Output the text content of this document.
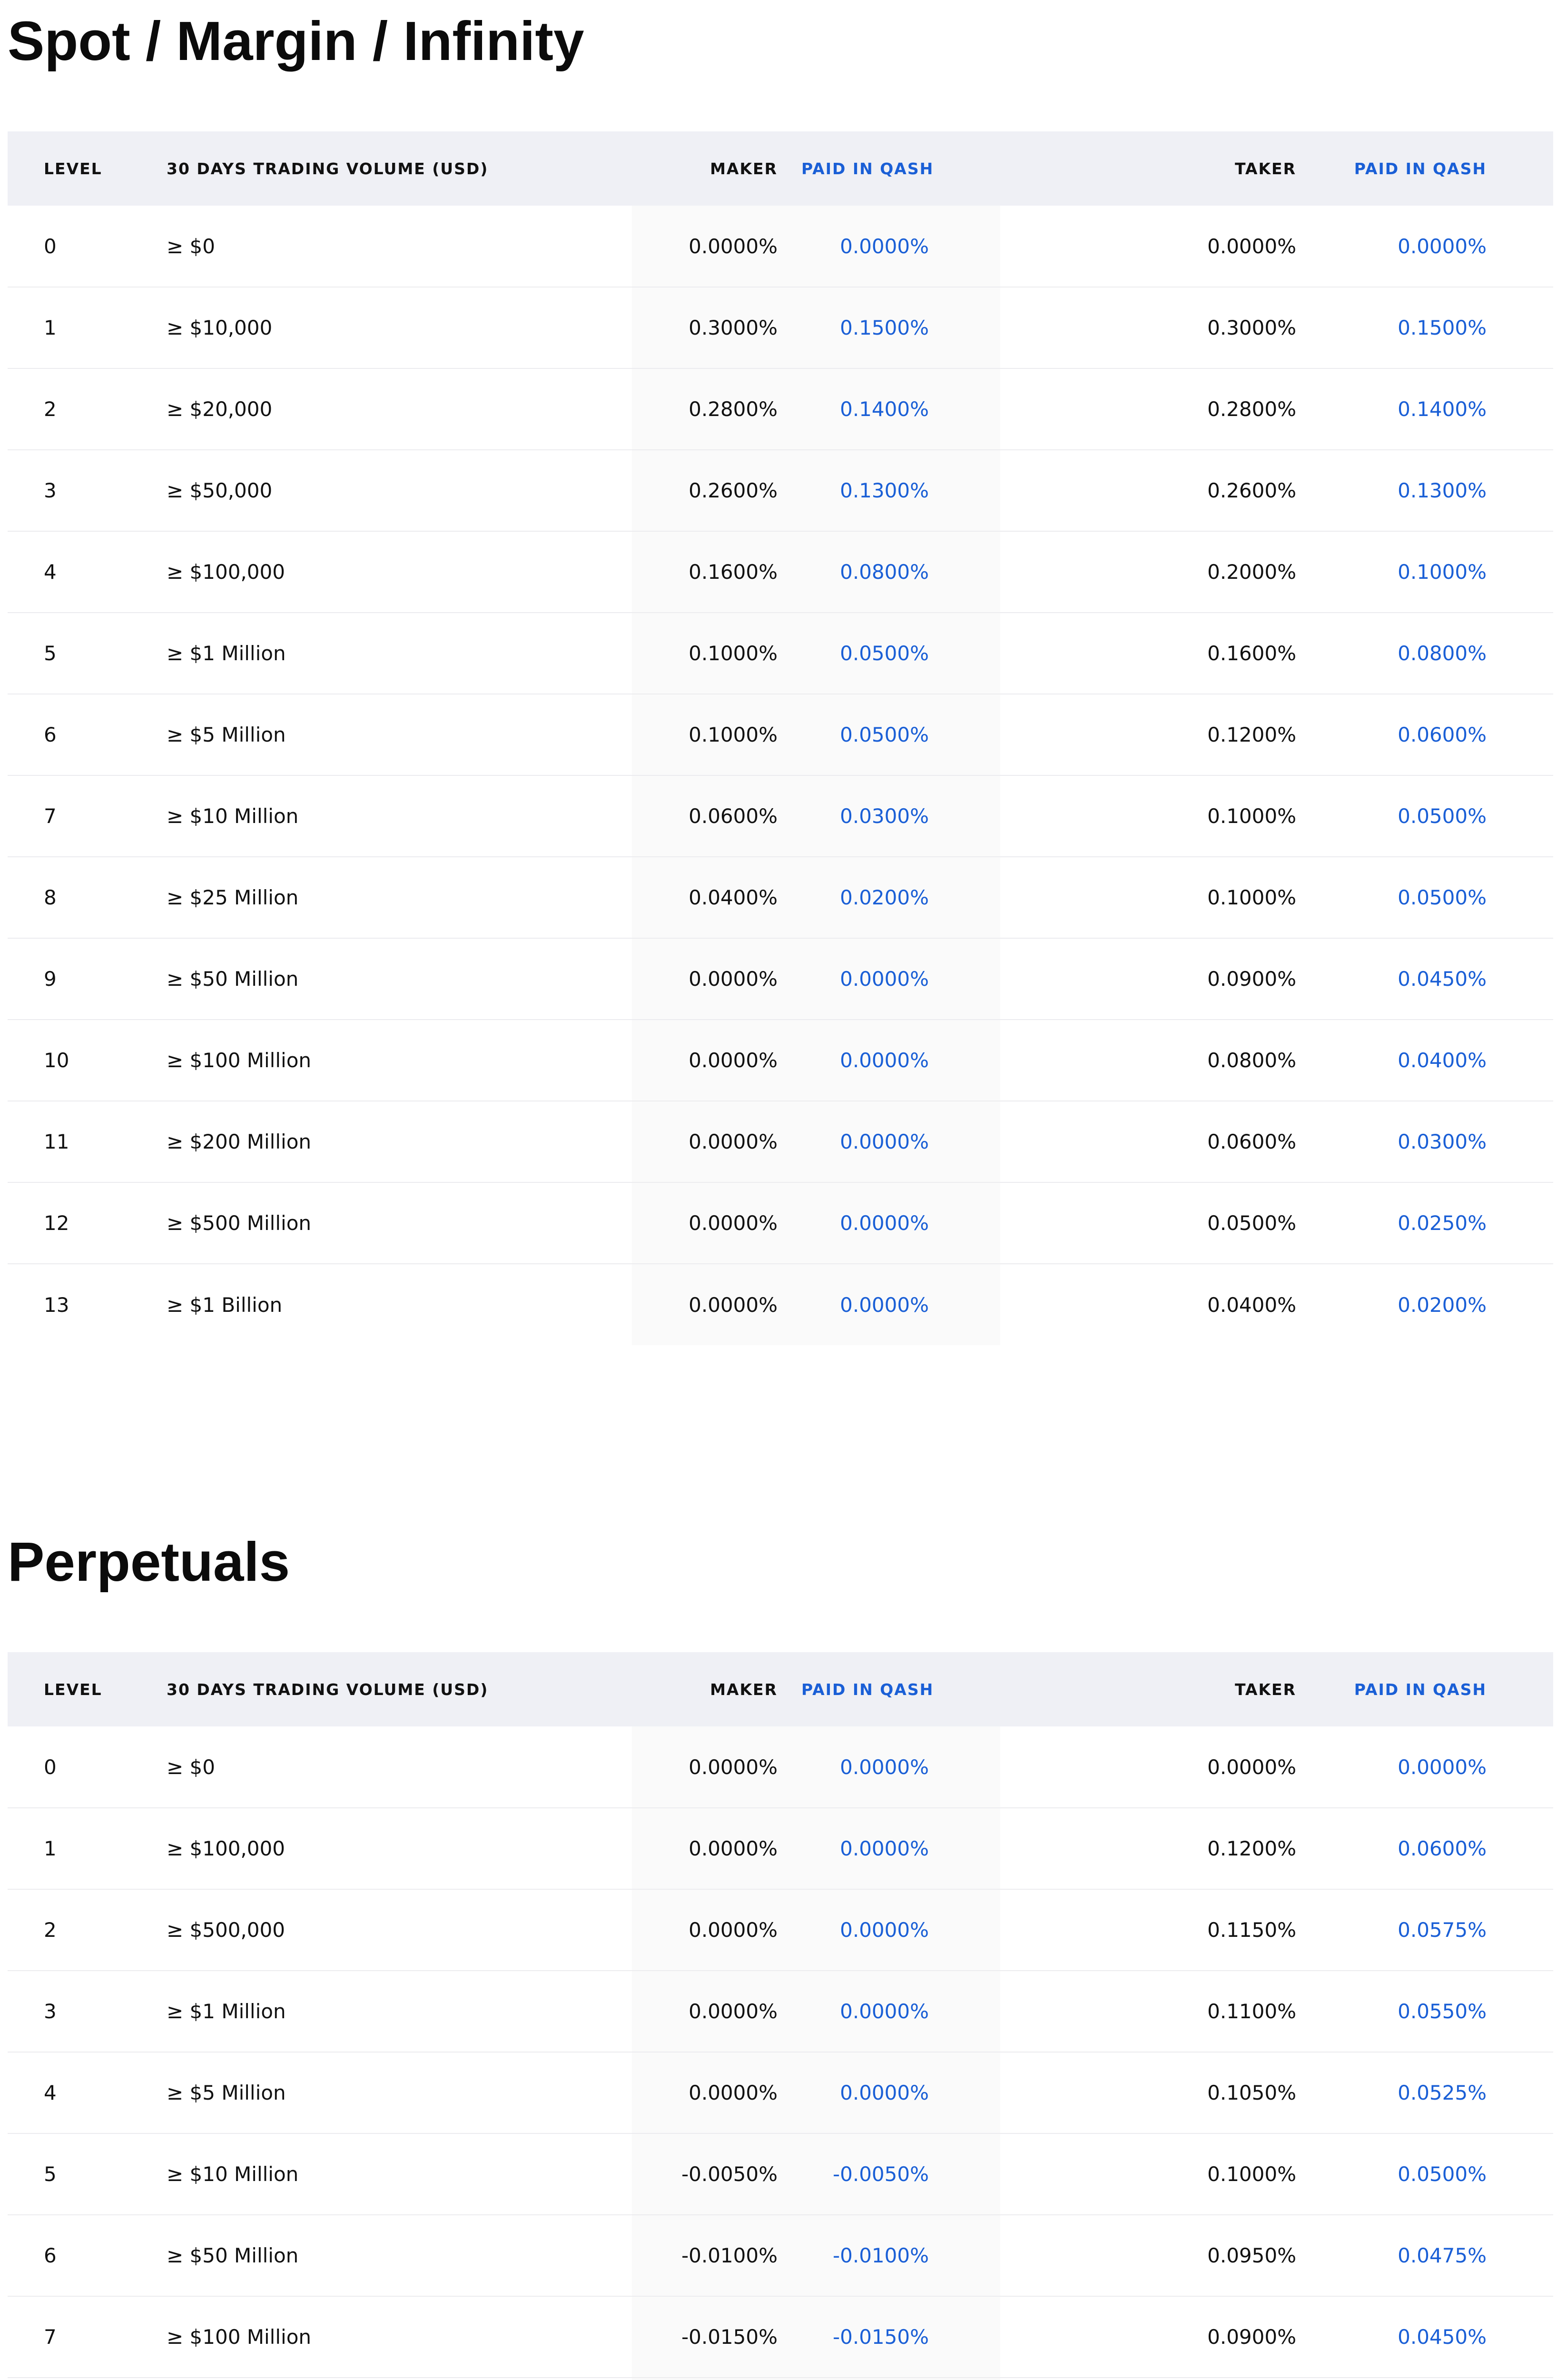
Spot / Margin / Infinity
LEVEL	30 DAYS TRADING VOLUME (USD)	MAKER	PAID IN QASH	TAKER	PAID IN QASH
0	≥ $0	0.0000%	0.0000%	0.0000%	0.0000%
1	≥ $10,000	0.3000%	0.1500%	0.3000%	0.1500%
2	≥ $20,000	0.2800%	0.1400%	0.2800%	0.1400%
3	≥ $50,000	0.2600%	0.1300%	0.2600%	0.1300%
4	≥ $100,000	0.1600%	0.0800%	0.2000%	0.1000%
5	≥ $1 Million	0.1000%	0.0500%	0.1600%	0.0800%
6	≥ $5 Million	0.1000%	0.0500%	0.1200%	0.0600%
7	≥ $10 Million	0.0600%	0.0300%	0.1000%	0.0500%
8	≥ $25 Million	0.0400%	0.0200%	0.1000%	0.0500%
9	≥ $50 Million	0.0000%	0.0000%	0.0900%	0.0450%
10	≥ $100 Million	0.0000%	0.0000%	0.0800%	0.0400%
11	≥ $200 Million	0.0000%	0.0000%	0.0600%	0.0300%
12	≥ $500 Million	0.0000%	0.0000%	0.0500%	0.0250%
13	≥ $1 Billion	0.0000%	0.0000%	0.0400%	0.0200%
Perpetuals
LEVEL	30 DAYS TRADING VOLUME (USD)	MAKER	PAID IN QASH	TAKER	PAID IN QASH
0	≥ $0	0.0000%	0.0000%	0.0000%	0.0000%
1	≥ $100,000	0.0000%	0.0000%	0.1200%	0.0600%
2	≥ $500,000	0.0000%	0.0000%	0.1150%	0.0575%
3	≥ $1 Million	0.0000%	0.0000%	0.1100%	0.0550%
4	≥ $5 Million	0.0000%	0.0000%	0.1050%	0.0525%
5	≥ $10 Million	-0.0050%	-0.0050%	0.1000%	0.0500%
6	≥ $50 Million	-0.0100%	-0.0100%	0.0950%	0.0475%
7	≥ $100 Million	-0.0150%	-0.0150%	0.0900%	0.0450%
